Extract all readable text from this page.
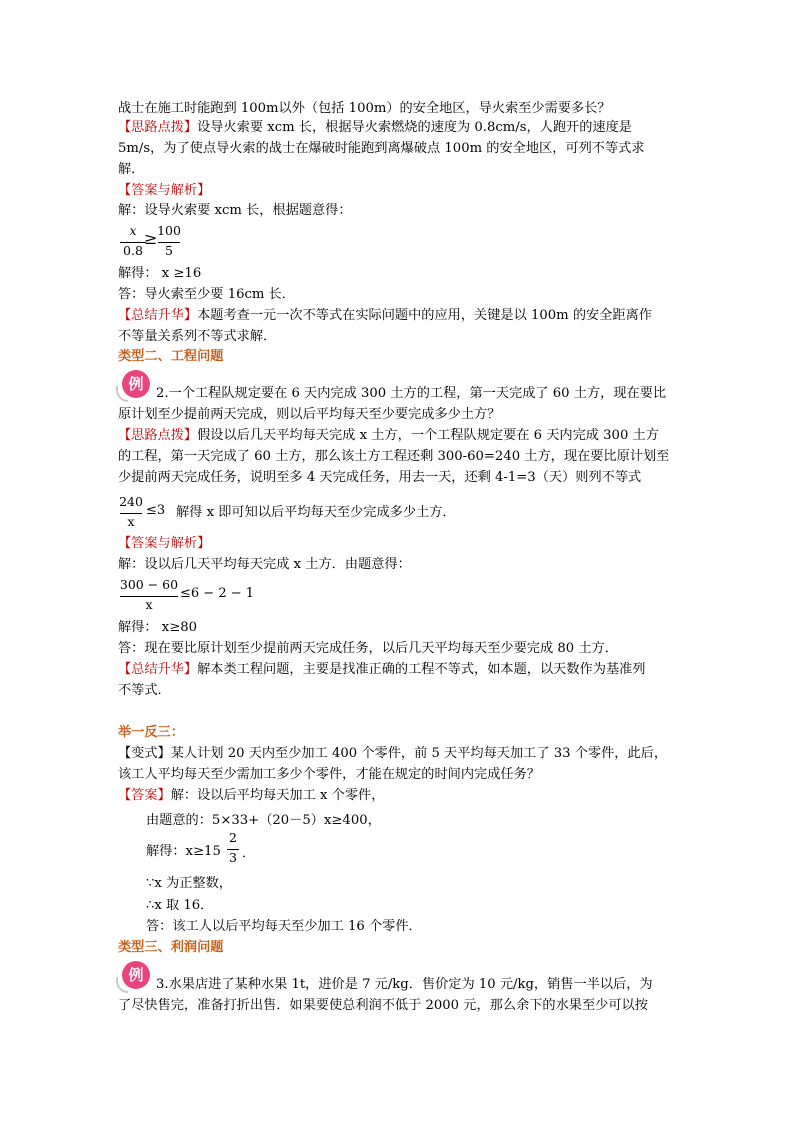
战士在施工时能跑到 100m以外（包括 100m）的安全地区，导火索至少需要多长？
【思路点拨】设导火索要 xcm 长，根据导火索燃烧的速度为 0.8cm/s，人跑开的速度是
5m/s，为了使点导火索的战士在爆破时能跑到离爆破点 100m 的安全地区，可列不等式求
解．
【答案与解析】
解：设导火索要 xcm 长，根据题意得：
x
0.8
≥ 100
5
解得： x ≥16
答：导火索至少要 16cm 长．
【总结升华】本题考查一元一次不等式在实际问题中的应用，关键是以 100m 的安全距离作
不等量关系列不等式求解．
类型二、工程问题
例
2.一个工程队规定要在 6 天内完成 300 土方的工程，第一天完成了 60 土方，现在要比
原计划至少提前两天完成，则以后平均每天至少要完成多少土方？
【思路点拨】假设以后几天平均每天完成 x 土方，一个工程队规定要在 6 天内完成 300 土方
的工程，第一天完成了 60 土方，那么该土方工程还剩 300-60=240 土方，现在要比原计划至
少提前两天完成任务，说明至多 4 天完成任务，用去一天，还剩 4-1=3（天）则列不等式
240
x
≤3 解得 x 即可知以后平均每天至少完成多少土方．
【答案与解析】
解：设以后几天平均每天完成 x 土方．由题意得：
300 − 60
x
≤6 − 2 − 1
解得： x≥80
答：现在要比原计划至少提前两天完成任务，以后几天平均每天至少要完成 80 土方．
【总结升华】解本类工程问题，主要是找准正确的工程不等式，如本题，以天数作为基准列
不等式．
举一反三：
【变式】某人计划 20 天内至少加工 400 个零件，前 5 天平均每天加工了 33 个零件，此后，
该工人平均每天至少需加工多少个零件，才能在规定的时间内完成任务？
【答案】解：设以后平均每天加工 x 个零件，
由题意的：5×33+（20－5）x≥400，
解得：x≥15
2
3 ．
∵x 为正整数，
∴x 取 16．
答：该工人以后平均每天至少加工 16 个零件．
类型三、利润问题
例
3.水果店进了某种水果 1t，进价是 7 元/kg．售价定为 10 元/kg，销售一半以后，为
了尽快售完，准备打折出售．如果要使总利润不低于 2000 元，那么余下的水果至少可以按
